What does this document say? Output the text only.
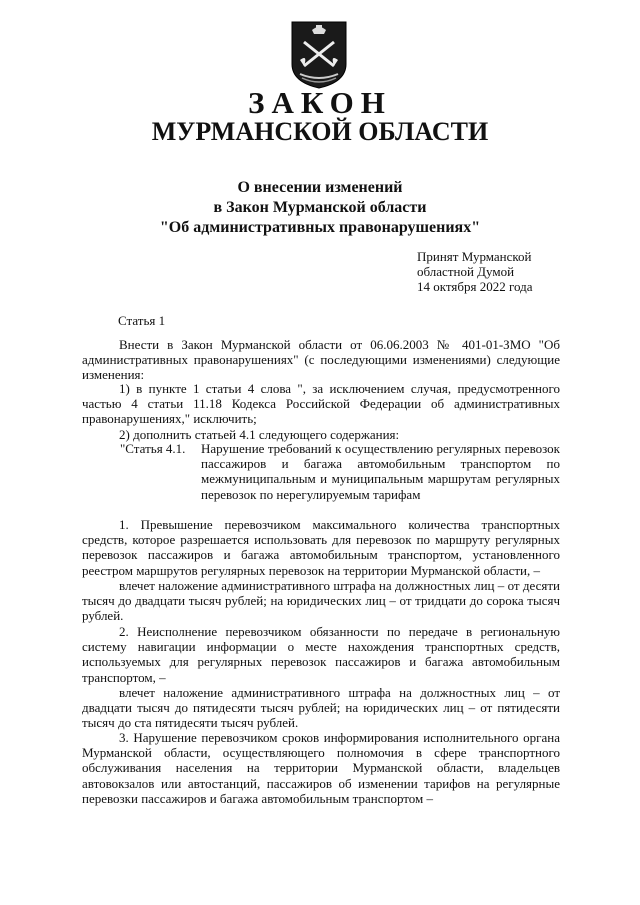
ЗАКОН
МУРМАНСКОЙ ОБЛАСТИ
О внесении изменений
в Закон Мурманской области
"Об административных правонарушениях"
Принят Мурманской
областной Думой
14 октября 2022 года
Статья 1
Внести в Закон Мурманской области от 06.06.2003 № 401-01-ЗМО "Об административных правонарушениях" (с последующими изменениями) следующие изменения:
1) в пункте 1 статьи 4 слова ", за исключением случая, предусмотренного частью 4 статьи 11.18 Кодекса Российской Федерации об административных правонарушениях," исключить;
2) дополнить статьей 4.1 следующего содержания:
"Статья 4.1. Нарушение требований к осуществлению регулярных перевозок пассажиров и багажа автомобильным транспортом по межмуниципальным и муниципальным маршрутам регулярных перевозок по нерегулируемым тарифам
1. Превышение перевозчиком максимального количества транспортных средств, которое разрешается использовать для перевозок по маршруту регулярных перевозок пассажиров и багажа автомобильным транспортом, установленного реестром маршрутов регулярных перевозок на территории Мурманской области, –
влечет наложение административного штрафа на должностных лиц – от десяти тысяч до двадцати тысяч рублей; на юридических лиц – от тридцати до сорока тысяч рублей.
2. Неисполнение перевозчиком обязанности по передаче в региональную систему навигации информации о месте нахождения транспортных средств, используемых для регулярных перевозок пассажиров и багажа автомобильным транспортом, –
влечет наложение административного штрафа на должностных лиц – от двадцати тысяч до пятидесяти тысяч рублей; на юридических лиц – от пятидесяти тысяч до ста пятидесяти тысяч рублей.
3. Нарушение перевозчиком сроков информирования исполнительного органа Мурманской области, осуществляющего полномочия в сфере транспортного обслуживания населения на территории Мурманской области, владельцев автовокзалов или автостанций, пассажиров об изменении тарифов на регулярные перевозки пассажиров и багажа автомобильным транспортом –
